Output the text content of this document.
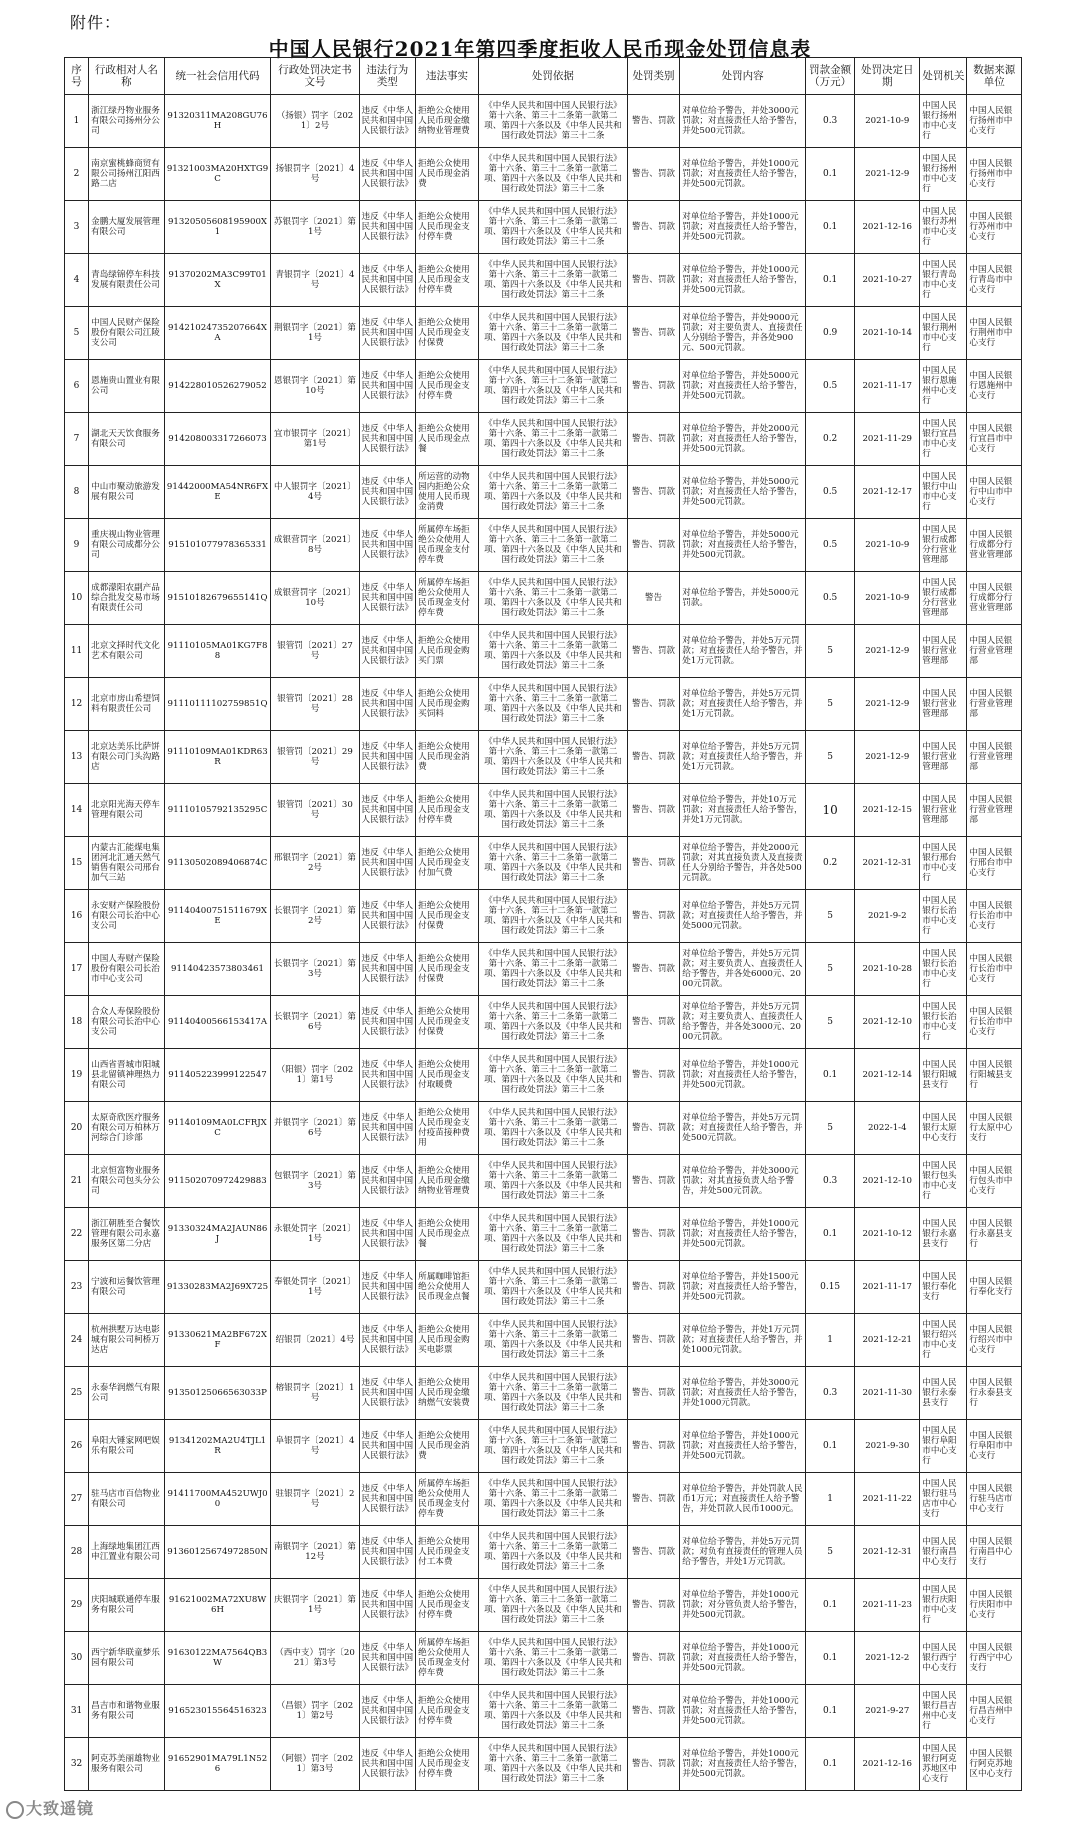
附件：
中国人民银行2021年第四季度拒收人民币现金处罚信息表
序号	行政相对人名称	统一社会信用代码	行政处罚决定书文号	违法行为类型	违法事实	处罚依据	处罚类别	处罚内容	罚款金额（万元）	处罚决定日期	处罚机关	数据来源单位
1	浙江绿丹物业服务有限公司扬州分公司	91320311MA208GU76H	（扬银）罚字〔2021〕2号	违反《中华人民共和国中国人民银行法》	拒绝公众使用人民币现金缴纳物业管理费	《中华人民共和国中国人民银行法》第十六条、第三十二条第一款第二项、第四十六条以及《中华人民共和国行政处罚法》第三十二条	警告、罚款	对单位给予警告，并处3000元罚款；对直接责任人给予警告，并处500元罚款。	0.3	2021-10-9	中国人民银行扬州市中心支行	中国人民银行扬州市中心支行
2	南京蜜桃蜂商贸有限公司扬州江阳西路二店	91321003MA20HXTG9C	扬银罚字〔2021〕4号	违反《中华人民共和国中国人民银行法》	拒绝公众使用人民币现金消费	《中华人民共和国中国人民银行法》第十六条、第三十二条第一款第二项、第四十六条以及《中华人民共和国行政处罚法》第三十二条	警告、罚款	对单位给予警告，并处1000元罚款；对直接责任人给予警告，并处500元罚款。	0.1	2021-12-9	中国人民银行扬州市中心支行	中国人民银行扬州市中心支行
3	金鹏大厦发展管理有限公司	91320505608195900X1	苏银罚字〔2021〕第1号	违反《中华人民共和国中国人民银行法》	拒绝公众使用人民币现金支付停车费	《中华人民共和国中国人民银行法》第十六条、第三十二条第一款第二项、第四十六条以及《中华人民共和国行政处罚法》第三十二条	警告、罚款	对单位给予警告，并处1000元罚款；对直接责任人给予警告，并处500元罚款。	0.1	2021-12-16	中国人民银行苏州市中心支行	中国人民银行苏州市中心支行
4	青岛绿锦停车科技发展有限责任公司	91370202MA3C99T01X	青银罚字〔2021〕4号	违反《中华人民共和国中国人民银行法》	拒绝公众使用人民币现金支付停车费	《中华人民共和国中国人民银行法》第十六条、第三十二条第一款第二项、第四十六条以及《中华人民共和国行政处罚法》第三十二条	警告、罚款	对单位给予警告，并处1000元罚款；对直接责任人给予警告，并处500元罚款。	0.1	2021-10-27	中国人民银行青岛市中心支行	中国人民银行青岛市中心支行
5	中国人民财产保险股份有限公司江陵支公司	91421024735207664XA	荆银罚字〔2021〕第1号	违反《中华人民共和国中国人民银行法》	拒绝公众使用人民币现金支付保费	《中华人民共和国中国人民银行法》第十六条、第三十二条第一款第二项、第四十六条以及《中华人民共和国行政处罚法》第三十二条	警告、罚款	对单位给予警告，并处9000元罚款；对主要负责人、直接责任人分别给予警告，并各处900元、500元罚款。	0.9	2021-10-14	中国人民银行荆州市中心支行	中国人民银行荆州市中心支行
6	恩施贵山置业有限公司	91422801052627905​2	恩银罚字〔2021〕第10号	违反《中华人民共和国中国人民银行法》	拒绝公众使用人民币现金支付停车费	《中华人民共和国中国人民银行法》第十六条、第三十二条第一款第二项、第四十六条以及《中华人民共和国行政处罚法》第三十二条	警告、罚款	对单位给予警告，并处5000元罚款；对直接责任人给予警告，并处500元罚款。	0.5	2021-11-17	中国人民银行恩施州中心支行	中国人民银行恩施州中心支行
7	湖北天天饮食服务有限公司	91420800331726607​3	宜市银罚字〔2021〕第1号	违反《中华人民共和国中国人民银行法》	拒绝公众使用人民币现金点餐	《中华人民共和国中国人民银行法》第十六条、第三十二条第一款第二项、第四十六条以及《中华人民共和国行政处罚法》第三十二条	警告、罚款	对单位给予警告，并处2000元罚款；对直接责任人给予警告，并处500元罚款。	0.2	2021-11-29	中国人民银行宜昌市中心支行	中国人民银行宜昌市中心支行
8	中山市聚动旅游发展有限公司	91442000MA54NR6FXE	中人银罚字〔2021〕4号	违反《中华人民共和国中国人民银行法》	所运营的动物园内拒绝公众使用人民币现金消费	《中华人民共和国中国人民银行法》第十六条、第三十二条第一款第二项、第四十六条以及《中华人民共和国行政处罚法》第三十二条	警告、罚款	对单位给予警告，并处5000元罚款；对直接责任人给予警告，并处500元罚款。	0.5	2021-12-17	中国人民银行中山市中心支行	中国人民银行中山市中心支行
9	重庆视山物业管理有限公司成都分公司	91510107797836533​1	成银营罚字〔2021〕8号	违反《中华人民共和国中国人民银行法》	所属停车场拒绝公众使用人民币现金支付停车费	《中华人民共和国中国人民银行法》第十六条、第三十二条第一款第二项、第四十六条以及《中华人民共和国行政处罚法》第三十二条	警告、罚款	对单位给予警告，并处5000元罚款；对直接责任人给予警告，并处500元罚款。	0.5	2021-10-9	中国人民银行成都分行营业管理部	中国人民银行成都分行营业管理部
10	成都濛阳农副产品综合批发交易市场有限责任公司	91510182679655141Q	成银营罚字〔2021〕10号	违反《中华人民共和国中国人民银行法》	所属停车场拒绝公众使用人民币现金支付停车费	《中华人民共和国中国人民银行法》第十六条、第三十二条第一款第二项、第四十六条以及《中华人民共和国行政处罚法》第三十二条	警告	对单位给予警告，并处5000元罚款。	0.5	2021-10-9	中国人民银行成都分行营业管理部	中国人民银行成都分行营业管理部
11	北京文择时代文化艺术有限公司	91110105MA01KG7F88	银管罚〔2021〕27号	违反《中华人民共和国中国人民银行法》	拒绝公众使用人民币现金购买门票	《中华人民共和国中国人民银行法》第十六条、第三十二条第一款第二项、第四十六条以及《中华人民共和国行政处罚法》第三十二条	警告、罚款	对单位给予警告，并处5万元罚款；对直接责任人给予警告，并处1万元罚款。	5	2021-12-9	中国人民银行营业管理部	中国人民银行营业管理部
12	北京市房山希望饲料有限责任公司	91110111102759851Q	银管罚〔2021〕28号	违反《中华人民共和国中国人民银行法》	拒绝公众使用人民币现金购买饲料	《中华人民共和国中国人民银行法》第十六条、第三十二条第一款第二项、第四十六条以及《中华人民共和国行政处罚法》第三十二条	警告、罚款	对单位给予警告，并处5万元罚款；对直接责任人给予警告，并处1万元罚款。	5	2021-12-9	中国人民银行营业管理部	中国人民银行营业管理部
13	北京达美乐比萨饼有限公司门头沟路店	91110109MA01KDR63R	银管罚〔2021〕29号	违反《中华人民共和国中国人民银行法》	拒绝公众使用人民币现金消费	《中华人民共和国中国人民银行法》第十六条、第三十二条第一款第二项、第四十六条以及《中华人民共和国行政处罚法》第三十二条	警告、罚款	对单位给予警告，并处5万元罚款；对直接责任人给予警告，并处1万元罚款。	5	2021-12-9	中国人民银行营业管理部	中国人民银行营业管理部
14	北京阳光海天停车管理有限公司	91110105792135295C	银管罚〔2021〕30号	违反《中华人民共和国中国人民银行法》	拒绝公众使用人民币现金支付停车费	《中华人民共和国中国人民银行法》第十六条、第三十二条第一款第二项、第四十六条以及《中华人民共和国行政处罚法》第三十二条	警告、罚款	对单位给予警告，并处10万元罚款；对直接责任人给予警告，并处1万元罚款。	10	2021-12-15	中国人民银行营业管理部	中国人民银行营业管理部
15	内蒙古汇能煤电集团河北汇通天然气销售有限公司邢台加气三站	91130502089406874C	邢银罚字〔2021〕第2号	违反《中华人民共和国中国人民银行法》	拒绝公众使用人民币现金支付加气费	《中华人民共和国中国人民银行法》第十六条、第三十二条第一款第二项、第四十六条以及《中华人民共和国行政处罚法》第三十二条	警告、罚款	对单位给予警告，并处2000元罚款；对其直接负责人及直接责任人分别给予警告，并各处500元罚款。	0.2	2021-12-31	中国人民银行邢台市中心支行	中国人民银行邢台市中心支行
16	永安财产保险股份有限公司长治中心支公司	91140400751511679XE	长银罚字〔2021〕第2号	违反《中华人民共和国中国人民银行法》	拒绝公众使用人民币现金支付保费	《中华人民共和国中国人民银行法》第十六条、第三十二条第一款第二项、第四十六条以及《中华人民共和国行政处罚法》第三十二条	警告、罚款	对单位给予警告，并处5万元罚款；对直接责任人给予警告，并处5000元罚款。	5	2021-9-2	中国人民银行长治市中心支行	中国人民银行长治市中心支行
17	中国人寿财产保险股份有限公司长治市中心支公司	91140423573803461	长银罚字〔2021〕第3号	违反《中华人民共和国中国人民银行法》	拒绝公众使用人民币现金支付保费	《中华人民共和国中国人民银行法》第十六条、第三十二条第一款第二项、第四十六条以及《中华人民共和国行政处罚法》第三十二条	警告、罚款	对单位给予警告，并处5万元罚款；对主要负责人、直接责任人给予警告，并各处6000元、2000元罚款。	5	2021-10-28	中国人民银行长治市中心支行	中国人民银行长治市中心支行
18	合众人寿保险股份有限公司长治中心支公司	91140400566153417A	长银罚字〔2021〕第6号	违反《中华人民共和国中国人民银行法》	拒绝公众使用人民币现金支付保费	《中华人民共和国中国人民银行法》第十六条、第三十二条第一款第二项、第四十六条以及《中华人民共和国行政处罚法》第三十二条	警告、罚款	对单位给予警告，并处5万元罚款；对主要负责人、直接责任人给予警告，并各处3000元、2000元罚款。	5	2021-12-10	中国人民银行长治市中心支行	中国人民银行长治市中心支行
19	山西省晋城市阳城县北留镇神理热力有限公司	91140522399912254​7	（阳银）罚字〔2021〕第1号	违反《中华人民共和国中国人民银行法》	拒绝公众使用人民币现金支付取暖费	《中华人民共和国中国人民银行法》第十六条、第三十二条第一款第二项、第四十六条以及《中华人民共和国行政处罚法》第三十二条	警告、罚款	对单位给予警告，并处1000元罚款；对直接责任人给予警告，并处500元罚款。	0.1	2021-12-14	中国人民银行阳城县支行	中国人民银行阳城县支行
20	太原奇欣医疗服务有限公司万柏林万河综合门诊部	91140109MA0LCFRJXC	并银罚字〔2021〕第6号	违反《中华人民共和国中国人民银行法》	拒绝公众使用人民币现金支付疫苗接种费用	《中华人民共和国中国人民银行法》第十六条、第三十二条第一款第二项、第四十六条以及《中华人民共和国行政处罚法》第三十二条	警告、罚款	对单位给予警告，并处5万元罚款；对直接责任人给予警告，并处500元罚款。	5	2022-1-4	中国人民银行太原中心支行	中国人民银行太原中心支行
21	北京恒富物业服务有限公司包头分公司	91150207097242988​3	包银罚字〔2021〕第3号	违反《中华人民共和国中国人民银行法》	拒绝公众使用人民币现金缴纳物业管理费	《中华人民共和国中国人民银行法》第十六条、第三十二条第一款第二项、第四十六条以及《中华人民共和国行政处罚法》第三十二条	警告、罚款	对单位给予警告，并处3000元罚款；对其直接负责人给予警告，并处500元罚款。	0.3	2021-12-10	中国人民银行包头市中心支行	中国人民银行包头市中心支行
22	浙江朝胜至合餐饮管理有限公司永嘉服务区第二分店	91330324MA2JAUN86J	永银处罚字〔2021〕1号	违反《中华人民共和国中国人民银行法》	拒绝公众使用人民币现金点餐	《中华人民共和国中国人民银行法》第十六条、第三十二条第一款第二项、第四十六条以及《中华人民共和国行政处罚法》第三十二条	警告、罚款	对单位给予警告，并处1000元罚款；对直接责任人给予警告，并处500元罚款。	0.1	2021-10-12	中国人民银行永嘉县支行	中国人民银行永嘉县支行
23	宁波和运餐饮管理有限公司	91330283MA2J69X725	奉银处罚字〔2021〕1号	违反《中华人民共和国中国人民银行法》	所属咖啡馆拒绝公众使用人民币现金点餐	《中华人民共和国中国人民银行法》第十六条、第三十二条第一款第二项、第四十六条以及《中华人民共和国行政处罚法》第三十二条	警告、罚款	对单位给予警告，并处1500元罚款；对直接责任人给予警告，并处500元罚款。	0.15	2021-11-17	中国人民银行奉化支行	中国人民银行奉化支行
24	杭州拱墅万达电影城有限公司柯桥万达店	91330621MA2BF672XF	绍银罚〔2021〕4号	违反《中华人民共和国中国人民银行法》	拒绝公众使用人民币现金购买电影票	《中华人民共和国中国人民银行法》第十六条、第三十二条第一款第二项、第四十六条以及《中华人民共和国行政处罚法》第三十二条	警告、罚款	对单位给予警告，并处1万元罚款；对直接责任人给予警告，并处1000元罚款。	1	2021-12-21	中国人民银行绍兴市中心支行	中国人民银行绍兴市中心支行
25	永泰华润燃气有限公司	91350125066563033P	榕银罚字〔2021〕1号	违反《中华人民共和国中国人民银行法》	拒绝公众使用人民币现金缴纳燃气安装费	《中华人民共和国中国人民银行法》第十六条、第三十二条第一款第二项、第四十六条以及《中华人民共和国行政处罚法》第三十二条	警告、罚款	对单位给予警告，并处3000元罚款；对直接责任人给予警告，并处1000元罚款。	0.3	2021-11-30	中国人民银行永泰县支行	中国人民银行永泰县支行
26	阜阳大锤家网吧娱乐有限公司	91341202MA2U4TJL1R	阜银罚字〔2021〕4号	违反《中华人民共和国中国人民银行法》	拒绝公众使用人民币现金消费	《中华人民共和国中国人民银行法》第十六条、第三十二条第一款第二项、第四十六条以及《中华人民共和国行政处罚法》第三十二条	警告、罚款	对单位给予警告，并处1000元罚款；对直接责任人给予警告，并处500元罚款。	0.1	2021-9-30	中国人民银行阜阳市中心支行	中国人民银行阜阳市中心支行
27	驻马店市百信物业有限公司	91411700MA452UWJ00	驻银罚字〔2021〕2号	违反《中华人民共和国中国人民银行法》	所属停车场拒绝公众使用人民币现金支付停车费	《中华人民共和国中国人民银行法》第十六条、第三十二条第一款第二项、第四十六条以及《中华人民共和国行政处罚法》第三十二条	警告、罚款	对单位给予警告，并处罚款人民币1万元；对直接责任人给予警告，并处罚款人民币1000元。	1	2021-11-22	中国人民银行驻马店市中心支行	中国人民银行驻马店市中心支行
28	上海绿地集团江西申江置业有限公司	91360125674972850N	南银罚字〔2021〕第12号	违反《中华人民共和国中国人民银行法》	拒绝公众使用人民币现金支付工本费	《中华人民共和国中国人民银行法》第十六条、第三十二条第一款第二项、第四十六条以及《中华人民共和国行政处罚法》第三十二条	警告、罚款	对单位给予警告，并处5万元罚款；对负有直接责任的管理人员给予警告，并处1万元罚款。	5	2021-12-31	中国人民银行南昌中心支行	中国人民银行南昌中心支行
29	庆阳城联通停车服务有限公司	91621002MA72XU8W6H	庆银罚字〔2021〕第1号	违反《中华人民共和国中国人民银行法》	拒绝公众使用人民币现金支付停车费	《中华人民共和国中国人民银行法》第十六条、第三十二条第一款第二项、第四十六条以及《中华人民共和国行政处罚法》第三十二条	警告、罚款	对单位给予警告，并处1000元罚款；对分管负责人给予警告，并处500元罚款。	0.1	2021-11-23	中国人民银行庆阳市中心支行	中国人民银行庆阳市中心支行
30	西宁新华联童梦乐园有限公司	91630122MA7564QB3W	（西中支）罚字〔2021〕第3号	违反《中华人民共和国中国人民银行法》	所属停车场拒绝公众使用人民币现金支付停车费	《中华人民共和国中国人民银行法》第十六条、第三十二条第一款第二项、第四十六条以及《中华人民共和国行政处罚法》第三十二条	警告、罚款	对单位给予警告，并处1000元罚款；对直接责任人给予警告，并处500元罚款。	0.1	2021-12-2	中国人民银行西宁中心支行	中国人民银行西宁中心支行
31	昌吉市和谐物业服务有限公司	91652301556451632​3	（昌银）罚字〔2021〕第2号	违反《中华人民共和国中国人民银行法》	拒绝公众使用人民币现金支付停车费	《中华人民共和国中国人民银行法》第十六条、第三十二条第一款第二项、第四十六条以及《中华人民共和国行政处罚法》第三十二条	警告、罚款	对单位给予警告，并处1000元罚款；对直接责任人给予警告，并处500元罚款。	0.1	2021-9-27	中国人民银行昌吉州中心支行	中国人民银行昌吉州中心支行
32	阿克苏美丽雄物业服务有限公司	91652901MA79L1N526	（阿银）罚字〔2021〕第3号	违反《中华人民共和国中国人民银行法》	拒绝公众使用人民币现金支付停车费	《中华人民共和国中国人民银行法》第十六条、第三十二条第一款第二项、第四十六条以及《中华人民共和国行政处罚法》第三十二条	警告、罚款	对单位给予警告，并处1000元罚款；对直接责任人给予警告，并处500元罚款。	0.1	2021-12-16	中国人民银行阿克苏地区中心支行	中国人民银行阿克苏地区中心支行
大致遥镜
